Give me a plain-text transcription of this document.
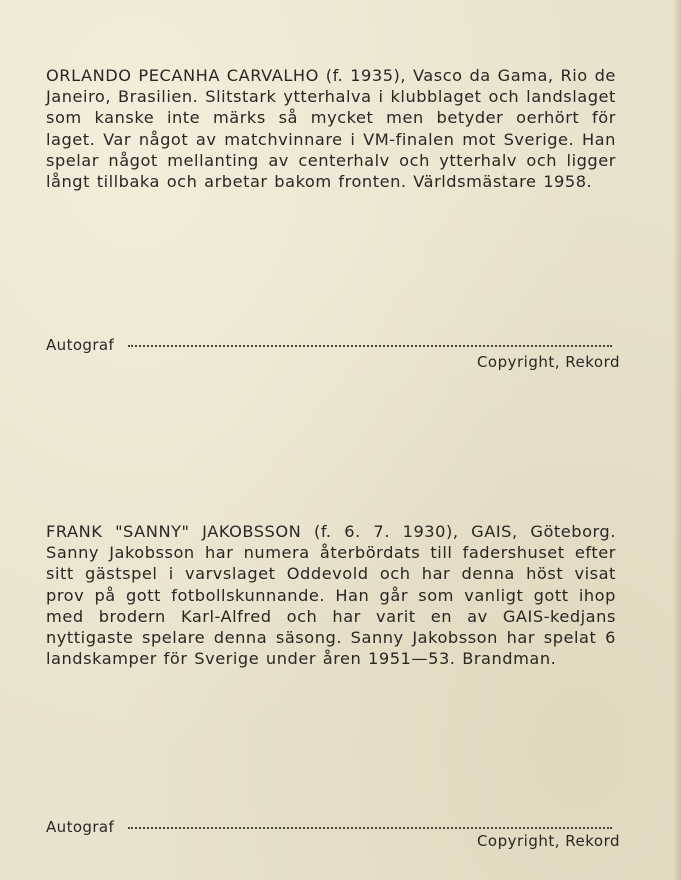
ORLANDO PECANHA CARVALHO (f. 1935), Vasco da Gama, Rio de Janeiro, Brasilien. Slitstark ytterhalva i klubblaget och landslaget som kanske inte märks så mycket men betyder oerhört för laget. Var något av matchvinnare i VM-finalen mot Sverige. Han spelar något mellanting av centerhalv och ytterhalv och ligger långt tillbaka och arbetar bakom fronten. Världsmästare 1958.

Autograf
Copyright, Rekord

FRANK "SANNY" JAKOBSSON (f. 6. 7. 1930), GAIS, Göteborg. Sanny Jakobsson har numera återbördats till fadershuset efter sitt gästspel i varvslaget Oddevold och har denna höst visat prov på gott fotbollskunnande. Han går som vanligt gott ihop med brodern Karl-Alfred och har varit en av GAIS-kedjans nyttigaste spelare denna säsong. Sanny Jakobsson har spelat 6 landskamper för Sverige under åren 1951—53. Brandman.

Autograf
Copyright, Rekord
